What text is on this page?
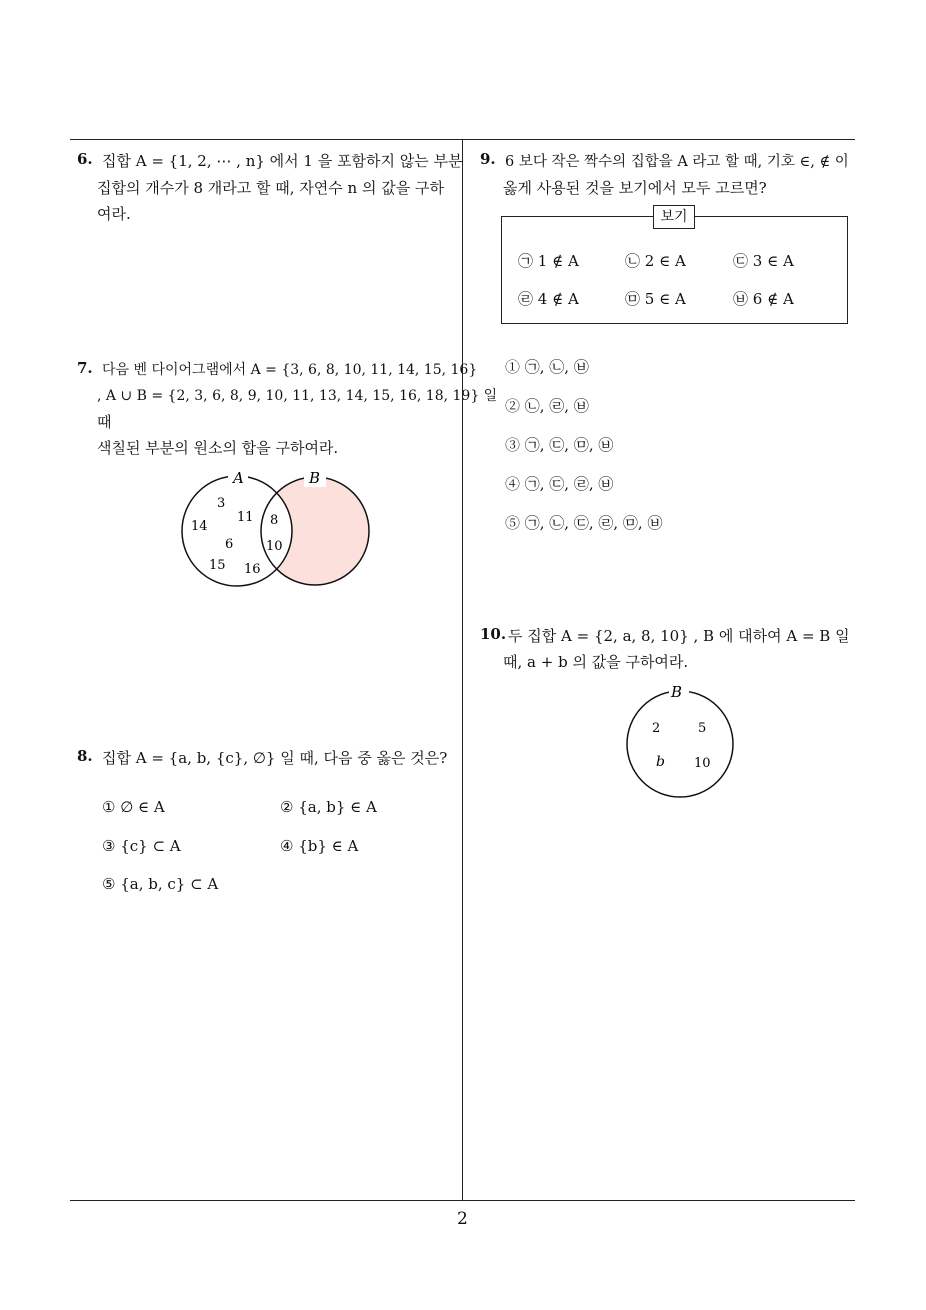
6. 집합 A = {1, 2, ⋯ , n} 에서 1 을 포함하지 않는 부분
집합의 개수가 8 개라고 할 때, 자연수 n 의 값을 구하
여라.
7. 다음 벤 다이어그램에서 A = {3, 6, 8, 10, 11, 14, 15, 16}
, A ∪ B = {2, 3, 6, 8, 9, 10, 11, 13, 14, 15, 16, 18, 19} 일
때
색칠된 부분의 원소의 합을 구하여라.
A	B
3
11
14
6
15 16
8
10
8. 집합 A = {a, b, {c}, ∅} 일 때, 다음 중 옳은 것은?
① ∅ ∈ A	② {a, b} ∈ A
③ {c} ⊂ A	④ {b} ∈ A
⑤ {a, b, c} ⊂ A
9. 6 보다 작은 짝수의 집합을 A 라고 할 때, 기호 ∈, ∉ 이
옳게 사용된 것을 보기에서 모두 고르면?
보기
㉠ 1 ∉ A	㉡ 2 ∈ A	㉢ 3 ∈ A
㉣ 4 ∉ A	㉤ 5 ∈ A	㉥ 6 ∉ A
① ㉠, ㉡, ㉥
② ㉡, ㉣, ㉥
③ ㉠, ㉢, ㉤, ㉥
④ ㉠, ㉢, ㉣, ㉥
⑤ ㉠, ㉡, ㉢, ㉣, ㉤, ㉥
10. 두 집합 A = {2, a, 8, 10} , B 에 대하여 A = B 일
때, a + b 의 값을 구하여라.
B
2	5
b 10
2
